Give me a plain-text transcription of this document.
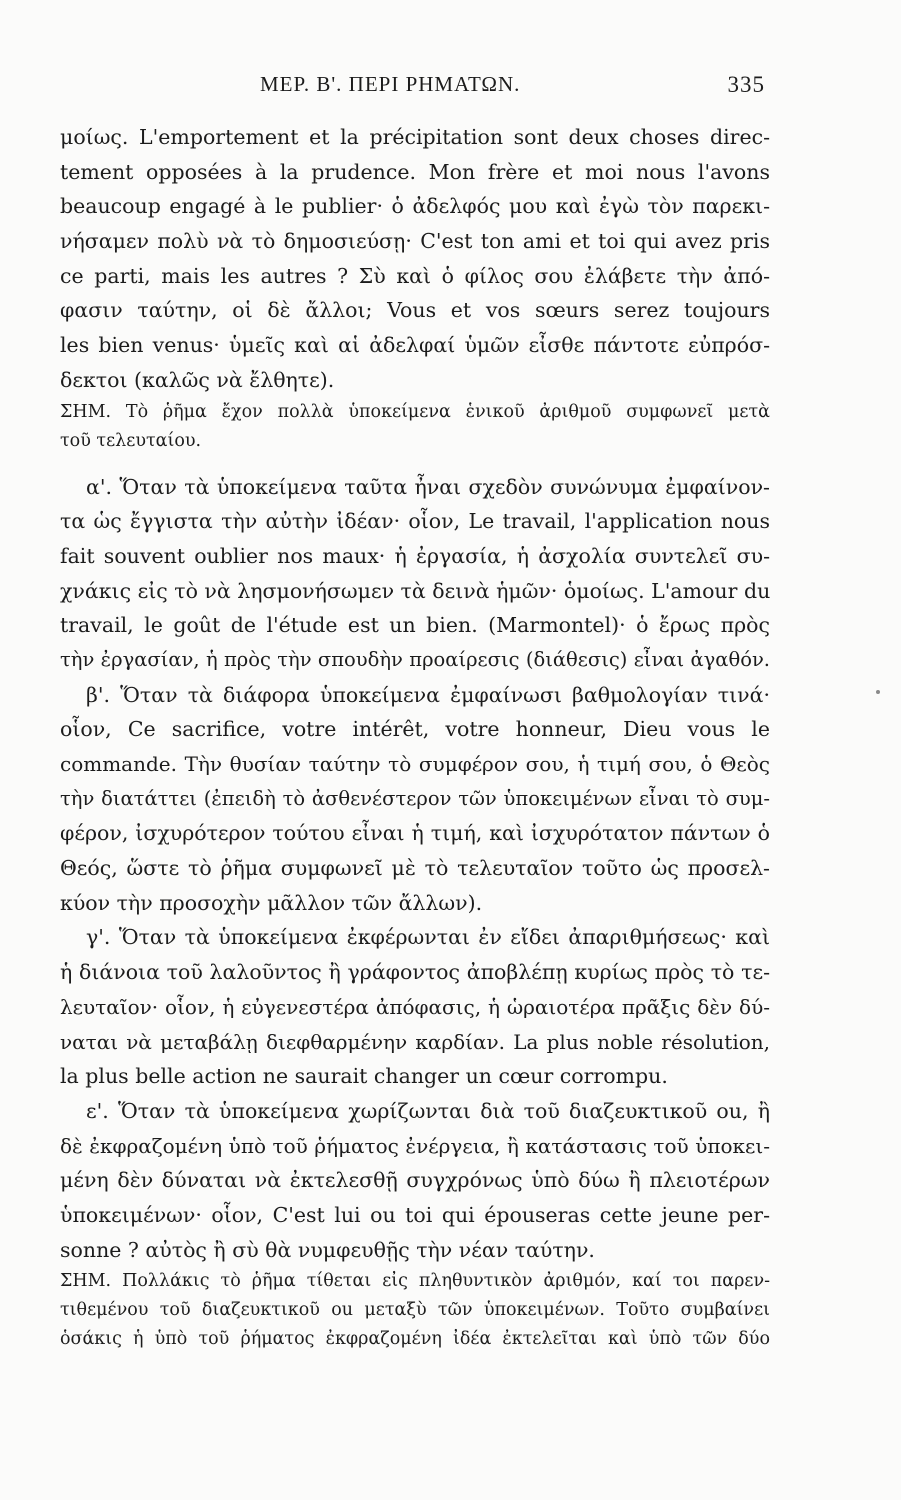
ΜΕΡ. Β'. ΠΕΡΙ ΡΗΜΑΤΩΝ.	335
μοίως. L'emportement et la précipitation sont deux choses direc-
tement opposées à la prudence. Mon frère et moi nous l'avons
beaucoup engagé à le publier· ὁ ἀδελφός μου καὶ ἐγὼ τὸν παρεκι-
νήσαμεν πολὺ νὰ τὸ δημοσιεύσῃ· C'est ton ami et toi qui avez pris
ce parti, mais les autres ? Σὺ καὶ ὁ φίλος σου ἐλάβετε τὴν ἀπό-
φασιν ταύτην, οἱ δὲ ἄλλοι; Vous et vos sœurs serez toujours
les bien venus· ὑμεῖς καὶ αἱ ἀδελφαί ὑμῶν εἶσθε πάντοτε εὐπρόσ-
δεκτοι (καλῶς νὰ ἔλθητε).
ΣΗΜ. Τὸ ῥῆμα ἔχον πολλὰ ὑποκείμενα ἑνικοῦ ἀριθμοῦ συμφωνεῖ μετὰ
τοῦ τελευταίου.
α'. Ὅταν τὰ ὑποκείμενα ταῦτα ἦναι σχεδὸν συνώνυμα ἐμφαίνον-
τα ὡς ἔγγιστα τὴν αὐτὴν ἰδέαν· οἷον, Le travail, l'application nous
fait souvent oublier nos maux· ἡ ἐργασία, ἡ ἀσχολία συντελεῖ συ-
χνάκις εἰς τὸ νὰ λησμονήσωμεν τὰ δεινὰ ἡμῶν· ὁμοίως. L'amour du
travail, le goût de l'étude est un bien. (Marmontel)· ὁ ἔρως πρὸς
τὴν ἐργασίαν, ἡ πρὸς τὴν σπουδὴν προαίρεσις (διάθεσις) εἶναι ἀγαθόν.
β'. Ὅταν τὰ διάφορα ὑποκείμενα ἐμφαίνωσι βαθμολογίαν τινά·
οἷον, Ce sacrifice, votre intérêt, votre honneur, Dieu vous le
commande. Τὴν θυσίαν ταύτην τὸ συμφέρον σου, ἡ τιμή σου, ὁ Θεὸς
τὴν διατάττει (ἐπειδὴ τὸ ἀσθενέστερον τῶν ὑποκειμένων εἶναι τὸ συμ-
φέρον, ἰσχυρότερον τούτου εἶναι ἡ τιμή, καὶ ἰσχυρότατον πάντων ὁ
Θεός, ὥστε τὸ ῥῆμα συμφωνεῖ μὲ τὸ τελευταῖον τοῦτο ὡς προσελ-
κύον τὴν προσοχὴν μᾶλλον τῶν ἄλλων).
γ'. Ὅταν τὰ ὑποκείμενα ἐκφέρωνται ἐν εἴδει ἀπαριθμήσεως· καὶ
ἡ διάνοια τοῦ λαλοῦντος ἢ γράφοντος ἀποβλέπῃ κυρίως πρὸς τὸ τε-
λευταῖον· οἷον, ἡ εὐγενεστέρα ἀπόφασις, ἡ ὡραιοτέρα πρᾶξις δὲν δύ-
ναται νὰ μεταβάλῃ διεφθαρμένην καρδίαν. La plus noble résolution,
la plus belle action ne saurait changer un cœur corrompu.
ε'. Ὅταν τὰ ὑποκείμενα χωρίζωνται διὰ τοῦ διαζευκτικοῦ ou, ἢ
δὲ ἐκφραζομένη ὑπὸ τοῦ ῥήματος ἐνέργεια, ἢ κατάστασις τοῦ ὑποκει-
μένη δὲν δύναται νὰ ἐκτελεσθῇ συγχρόνως ὑπὸ δύω ἢ πλειοτέρων
ὑποκειμένων· οἷον, C'est lui ou toi qui épouseras cette jeune per-
sonne ? αὐτὸς ἢ σὺ θὰ νυμφευθῇς τὴν νέαν ταύτην.
ΣΗΜ. Πολλάκις τὸ ῥῆμα τίθεται εἰς πληθυντικὸν ἀριθμόν, καί τοι παρεν-
τιθεμένου τοῦ διαζευκτικοῦ ou μεταξὺ τῶν ὑποκειμένων. Τοῦτο συμβαίνει
ὁσάκις ἡ ὑπὸ τοῦ ῥήματος ἐκφραζομένη ἰδέα ἐκτελεῖται καὶ ὑπὸ τῶν δύο
